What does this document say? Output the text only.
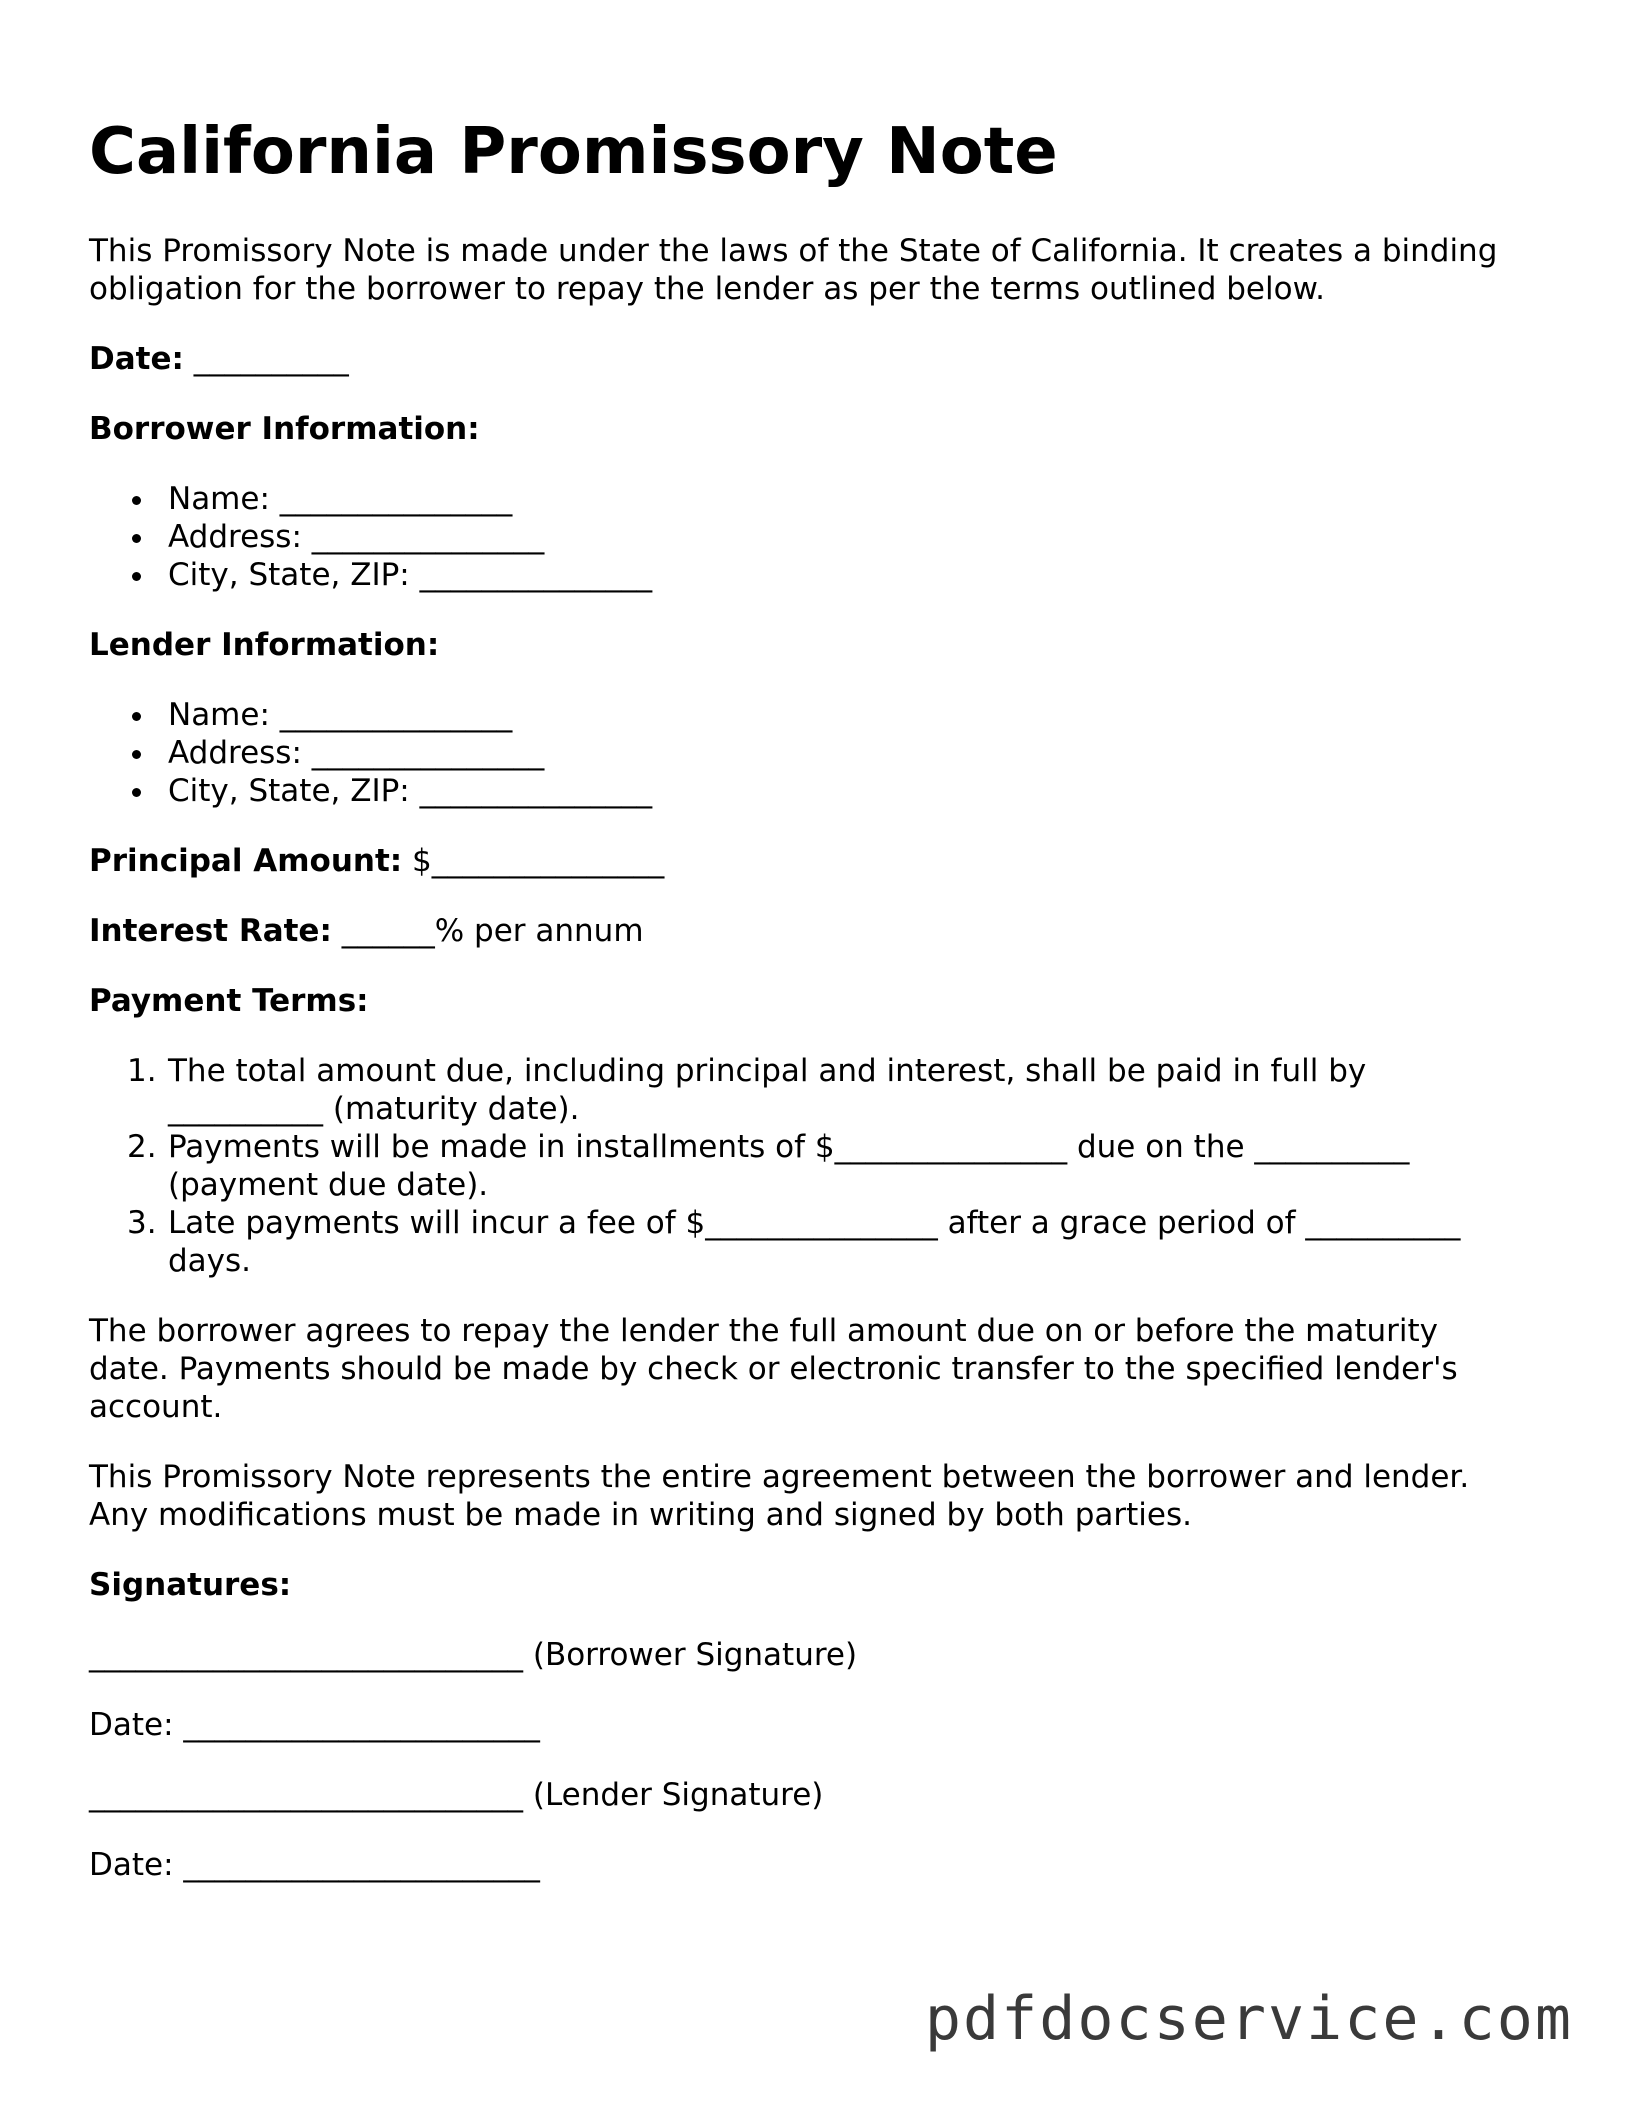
California Promissory Note
This Promissory Note is made under the laws of the State of California. It creates a binding
obligation for the borrower to repay the lender as per the terms outlined below.
Date: __________
Borrower Information:
Name: _______________
Address: _______________
City, State, ZIP: _______________
Lender Information:
Name: _______________
Address: _______________
City, State, ZIP: _______________
Principal Amount: $_______________
Interest Rate: ______% per annum
Payment Terms:
1. The total amount due, including principal and interest, shall be paid in full by
__________ (maturity date).
2. Payments will be made in installments of $_______________ due on the __________
(payment due date).
3. Late payments will incur a fee of $_______________ after a grace period of __________
days.
The borrower agrees to repay the lender the full amount due on or before the maturity
date. Payments should be made by check or electronic transfer to the specified lender's
account.
This Promissory Note represents the entire agreement between the borrower and lender.
Any modifications must be made in writing and signed by both parties.
Signatures:
____________________________ (Borrower Signature)
Date: _______________________
____________________________ (Lender Signature)
Date: _______________________
pdfdocservice.com
